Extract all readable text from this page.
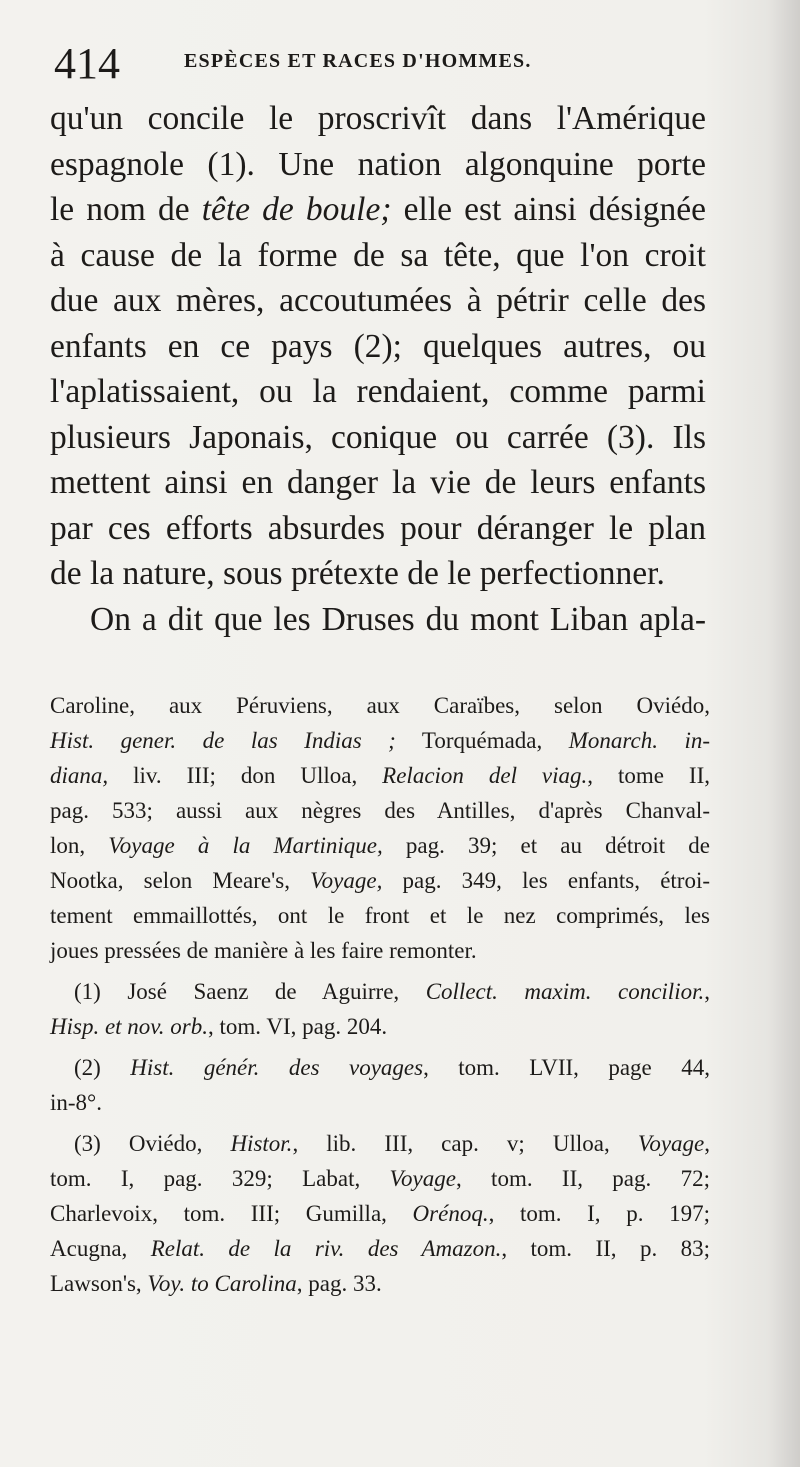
414	ESPÈCES ET RACES D'HOMMES.
qu'un concile le proscrivît dans l'Amérique
espagnole (1). Une nation algonquine porte
le nom de tête de boule; elle est ainsi désignée
à cause de la forme de sa tête, que l'on croit
due aux mères, accoutumées à pétrir celle des
enfants en ce pays (2); quelques autres, ou
l'aplatissaient, ou la rendaient, comme parmi
plusieurs Japonais, conique ou carrée (3). Ils
mettent ainsi en danger la vie de leurs enfants
par ces efforts absurdes pour déranger le plan
de la nature, sous prétexte de le perfectionner.
On a dit que les Druses du mont Liban apla-
Caroline, aux Péruviens, aux Caraïbes, selon Oviédo,
Hist. gener. de las Indias ; Torquémada, Monarch. in-
diana, liv. III; don Ulloa, Relacion del viag., tome II,
pag. 533; aussi aux nègres des Antilles, d'après Chanval-
lon, Voyage à la Martinique, pag. 39; et au détroit de
Nootka, selon Meare's, Voyage, pag. 349, les enfants, étroi-
tement emmaillottés, ont le front et le nez comprimés, les
joues pressées de manière à les faire remonter.
(1) José Saenz de Aguirre, Collect. maxim. concilior.,
Hisp. et nov. orb., tom. VI, pag. 204.
(2) Hist. génér. des voyages, tom. LVII, page 44,
in-8°.
(3) Oviédo, Histor., lib. III, cap. v; Ulloa, Voyage,
tom. I, pag. 329; Labat, Voyage, tom. II, pag. 72;
Charlevoix, tom. III; Gumilla, Orénoq., tom. I, p. 197;
Acugna, Relat. de la riv. des Amazon., tom. II, p. 83;
Lawson's, Voy. to Carolina, pag. 33.
